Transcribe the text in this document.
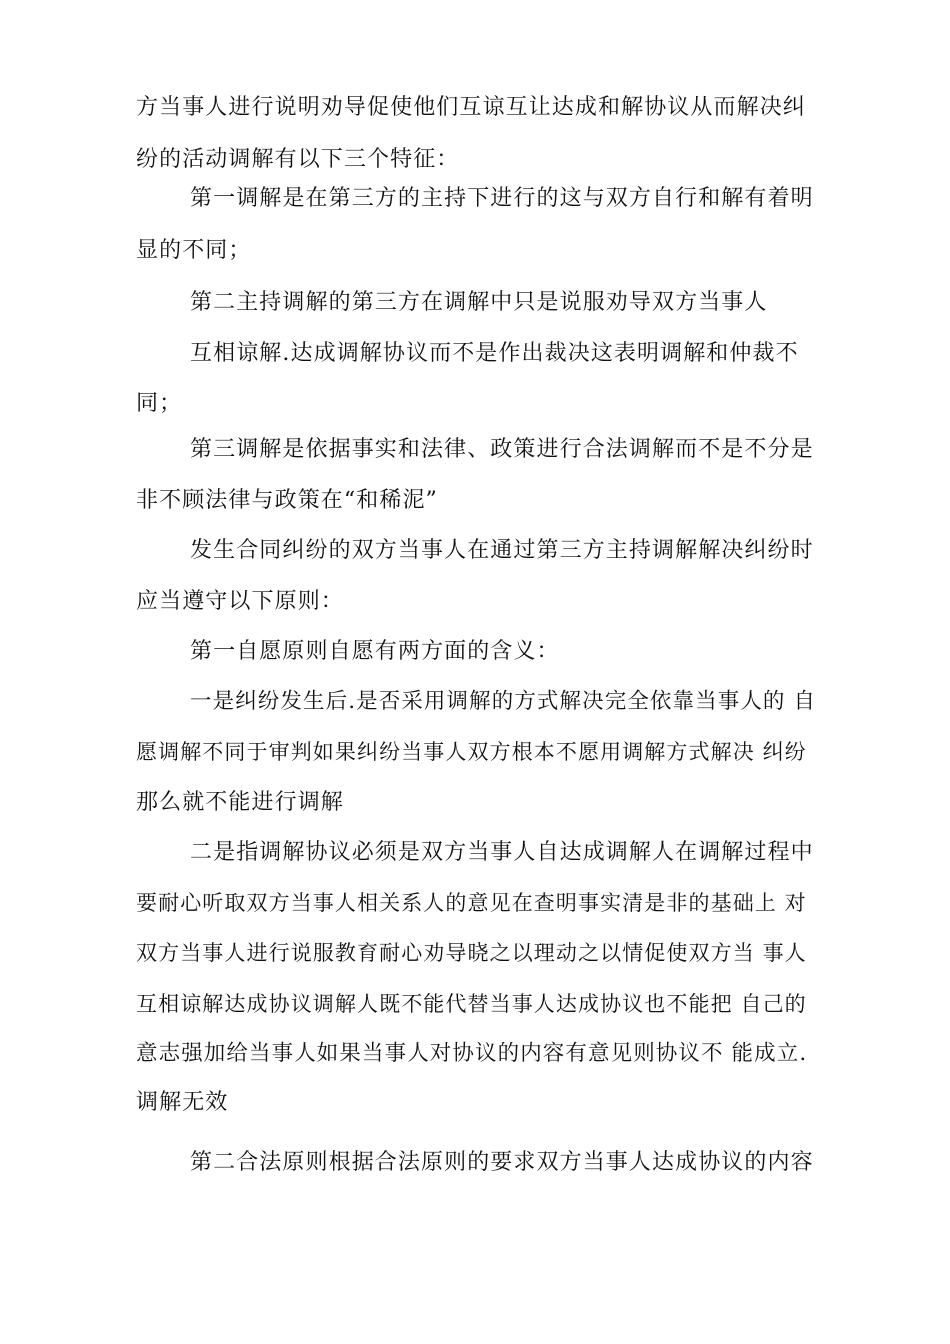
方当事人进行说明劝导促使他们互谅互让达成和解协议从而解决纠
纷的活动调解有以下三个特征：
第一调解是在第三方的主持下进行的这与双方自行和解有着明
显的不同；
第二主持调解的第三方在调解中只是说服劝导双方当事人
互相谅解.达成调解协议而不是作出裁决这表明调解和仲裁不
同；
第三调解是依据事实和法律、政策进行合法调解而不是不分是
非不顾法律与政策在“和稀泥”
发生合同纠纷的双方当事人在通过第三方主持调解解决纠纷时
应当遵守以下原则：
第一自愿原则自愿有两方面的含义：
一是纠纷发生后.是否采用调解的方式解决完全依靠当事人的 自
愿调解不同于审判如果纠纷当事人双方根本不愿用调解方式解决 纠纷
那么就不能进行调解
二是指调解协议必须是双方当事人自达成调解人在调解过程中
要耐心听取双方当事人相关系人的意见在查明事实清是非的基础上 对
双方当事人进行说服教育耐心劝导晓之以理动之以情促使双方当 事人
互相谅解达成协议调解人既不能代替当事人达成协议也不能把 自己的
意志强加给当事人如果当事人对协议的内容有意见则协议不 能成立.
调解无效
第二合法原则根据合法原则的要求双方当事人达成协议的内容
